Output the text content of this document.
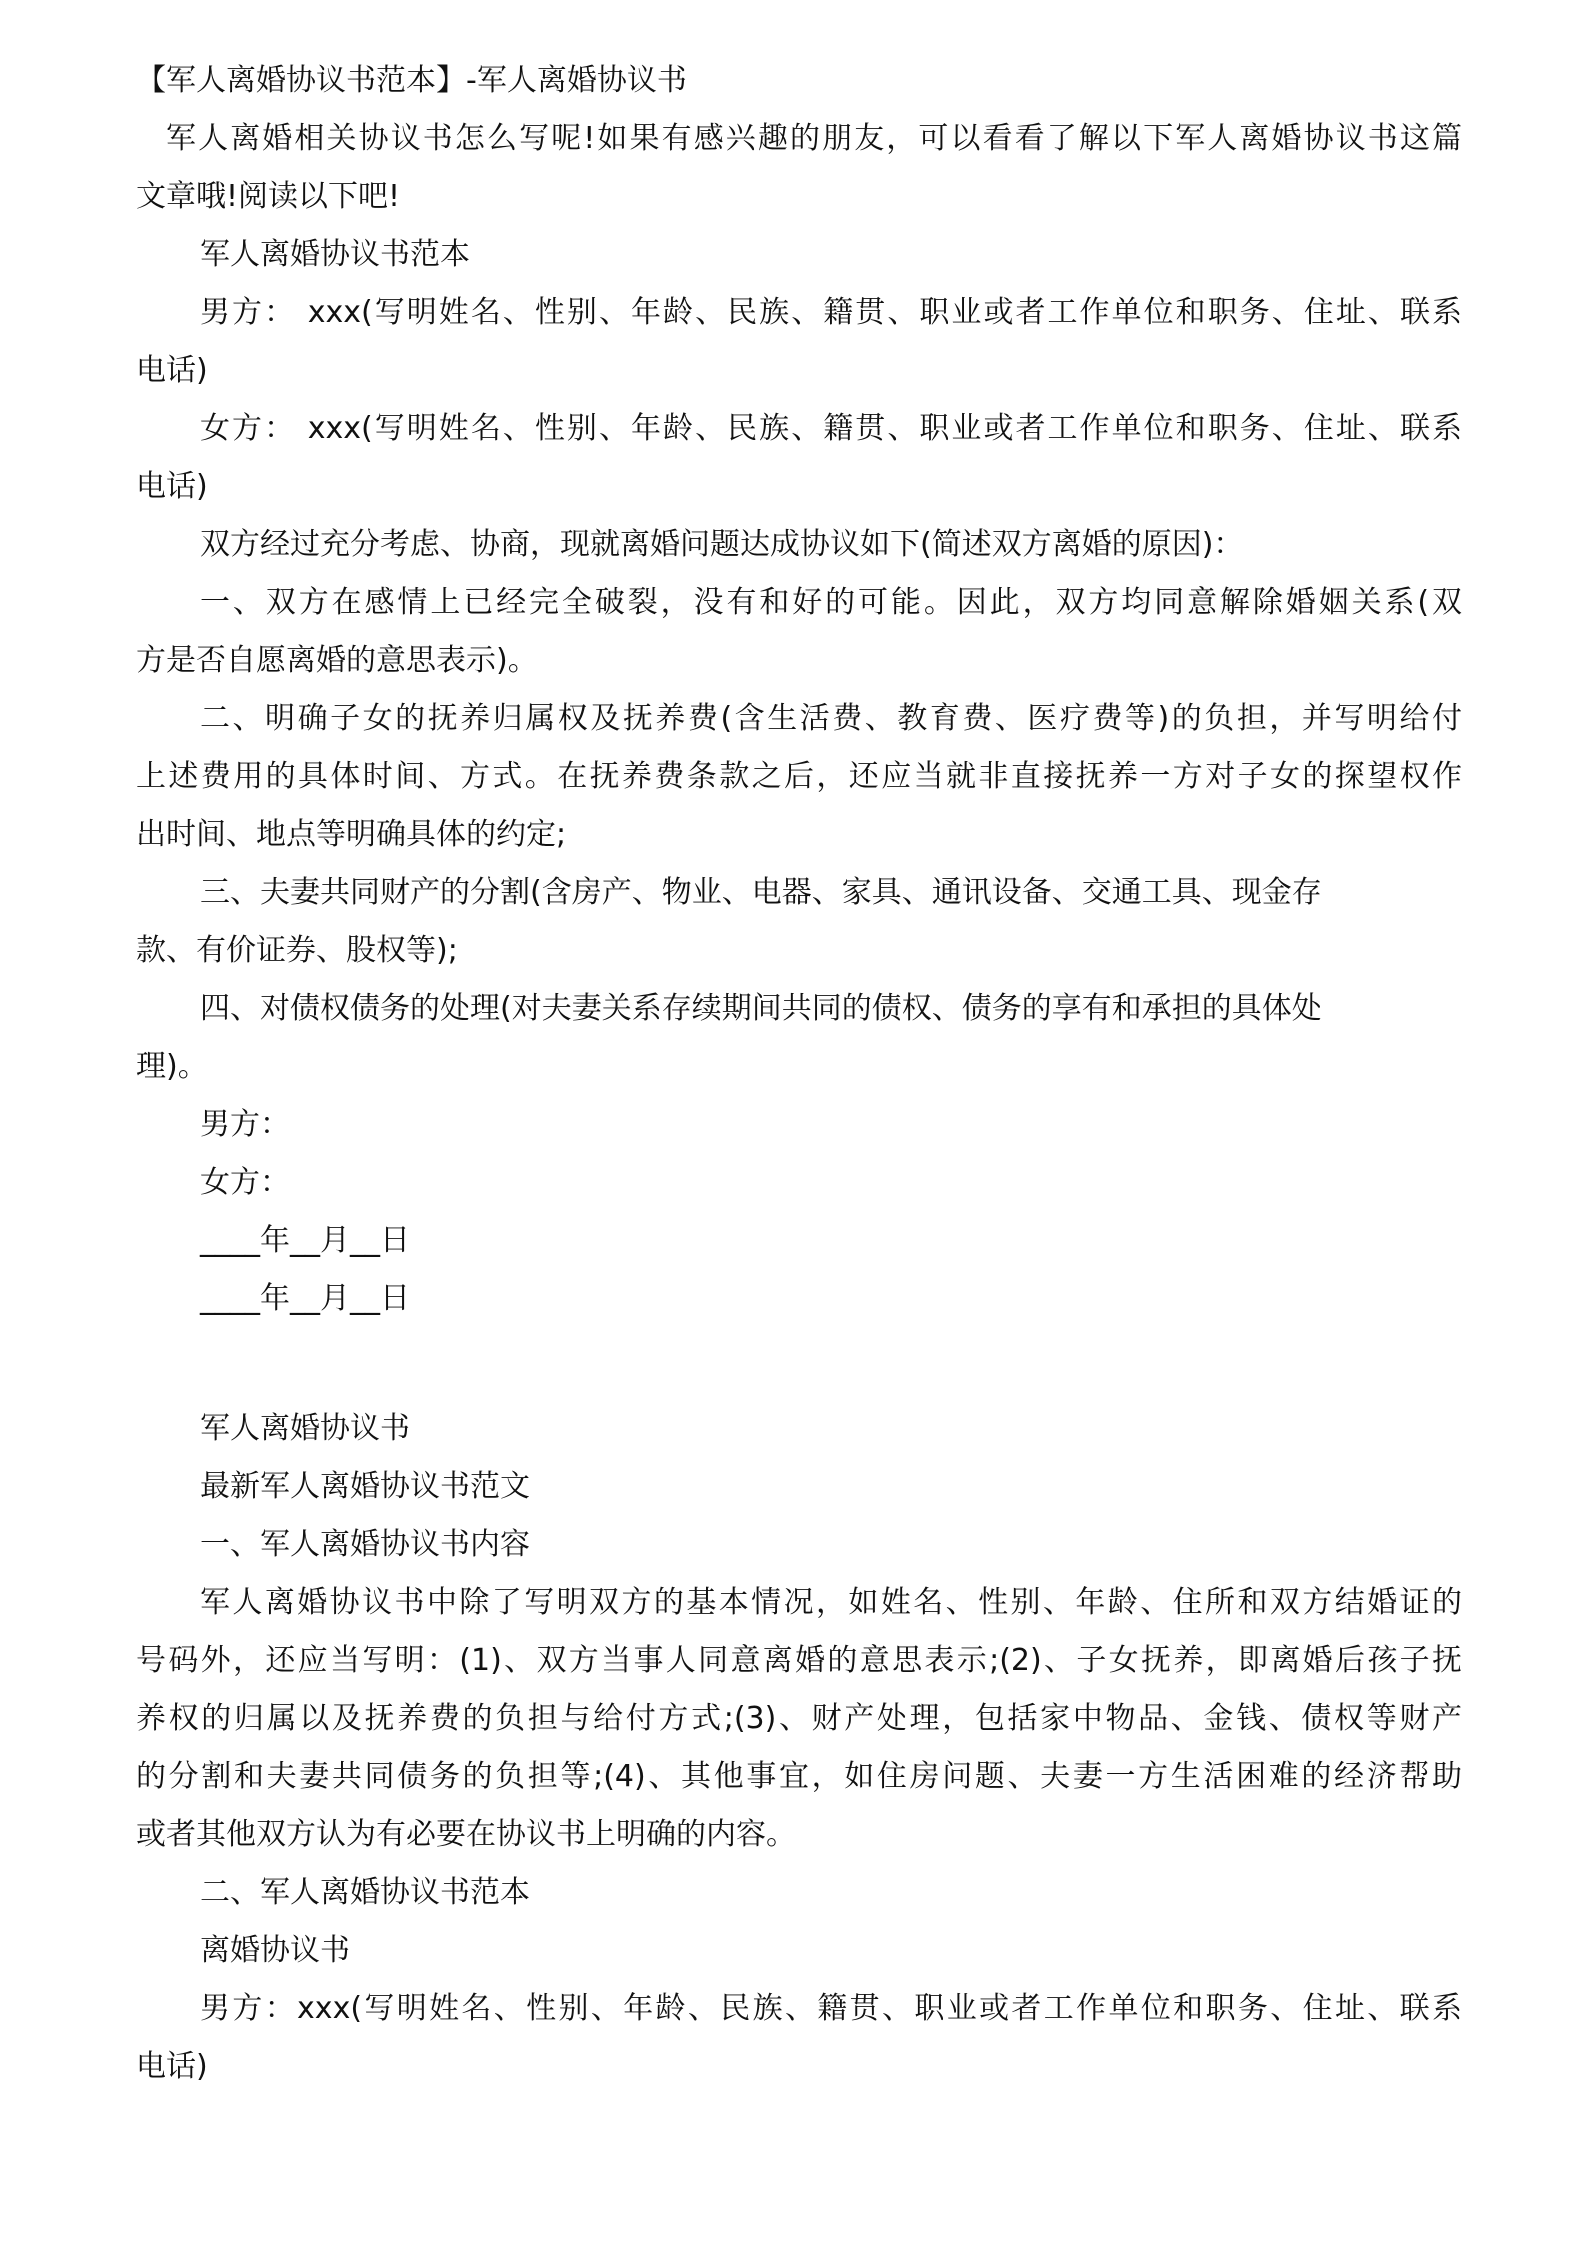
【军人离婚协议书范本】-军人离婚协议书
军人离婚相关协议书怎么写呢!如果有感兴趣的朋友，可以看看了解以下军人离婚协议书这篇
文章哦!阅读以下吧!
军人离婚协议书范本
男方： xxx(写明姓名、性别、年龄、民族、籍贯、职业或者工作单位和职务、住址、联系
电话)
女方： xxx(写明姓名、性别、年龄、民族、籍贯、职业或者工作单位和职务、住址、联系
电话)
双方经过充分考虑、协商，现就离婚问题达成协议如下(简述双方离婚的原因)：
一、双方在感情上已经完全破裂，没有和好的可能。因此，双方均同意解除婚姻关系(双
方是否自愿离婚的意思表示)。
二、明确子女的抚养归属权及抚养费(含生活费、教育费、医疗费等)的负担，并写明给付
上述费用的具体时间、方式。在抚养费条款之后，还应当就非直接抚养一方对子女的探望权作
出时间、地点等明确具体的约定;
三、夫妻共同财产的分割(含房产、物业、电器、家具、通讯设备、交通工具、现金存
款、有价证券、股权等);
四、对债权债务的处理(对夫妻关系存续期间共同的债权、债务的享有和承担的具体处
理)。
男方：
女方：
____年__月__日
____年__月__日
军人离婚协议书
最新军人离婚协议书范文
一、军人离婚协议书内容
军人离婚协议书中除了写明双方的基本情况，如姓名、性别、年龄、住所和双方结婚证的
号码外，还应当写明：(1)、双方当事人同意离婚的意思表示;(2)、子女抚养，即离婚后孩子抚
养权的归属以及抚养费的负担与给付方式;(3)、财产处理，包括家中物品、金钱、债权等财产
的分割和夫妻共同债务的负担等;(4)、其他事宜，如住房问题、夫妻一方生活困难的经济帮助
或者其他双方认为有必要在协议书上明确的内容。
二、军人离婚协议书范本
离婚协议书
男方：xxx(写明姓名、性别、年龄、民族、籍贯、职业或者工作单位和职务、住址、联系
电话)
